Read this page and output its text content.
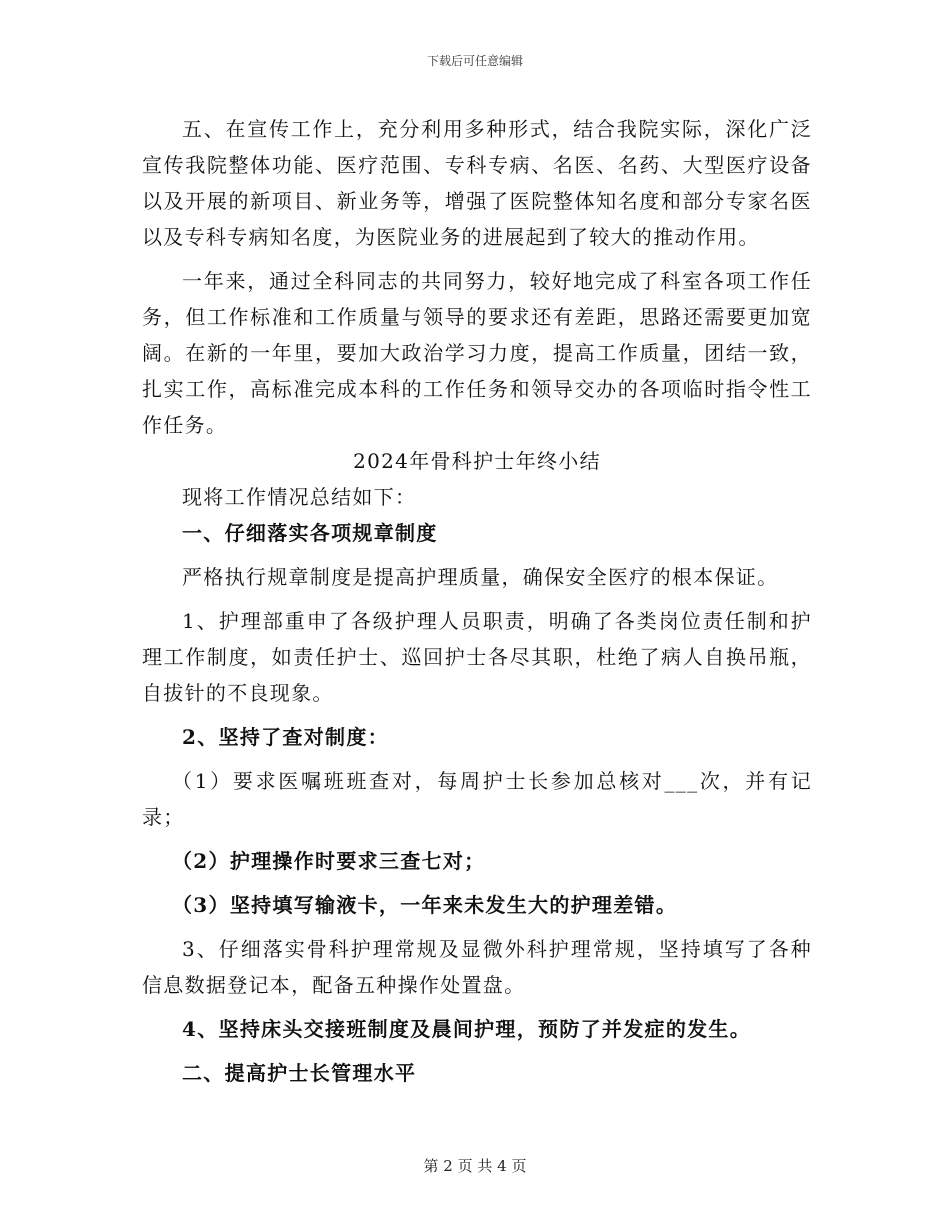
下载后可任意编辑

五、在宣传工作上，充分利用多种形式，结合我院实际，深化广泛宣传我院整体功能、医疗范围、专科专病、名医、名药、大型医疗设备以及开展的新项目、新业务等，增强了医院整体知名度和部分专家名医以及专科专病知名度，为医院业务的进展起到了较大的推动作用。

一年来，通过全科同志的共同努力，较好地完成了科室各项工作任务，但工作标准和工作质量与领导的要求还有差距，思路还需要更加宽阔。在新的一年里，要加大政治学习力度，提高工作质量，团结一致，扎实工作，高标准完成本科的工作任务和领导交办的各项临时指令性工作任务。

2024年骨科护士年终小结

现将工作情况总结如下：

一、仔细落实各项规章制度

严格执行规章制度是提高护理质量，确保安全医疗的根本保证。

1、护理部重申了各级护理人员职责，明确了各类岗位责任制和护理工作制度，如责任护士、巡回护士各尽其职，杜绝了病人自换吊瓶，自拔针的不良现象。

2、坚持了查对制度：

（1）要求医嘱班班查对，每周护士长参加总核对___次，并有记录；

（2）护理操作时要求三查七对；

（3）坚持填写输液卡，一年来未发生大的护理差错。

3、仔细落实骨科护理常规及显微外科护理常规，坚持填写了各种信息数据登记本，配备五种操作处置盘。

4、坚持床头交接班制度及晨间护理，预防了并发症的发生。

二、提高护士长管理水平

第 2 页 共 4 页
